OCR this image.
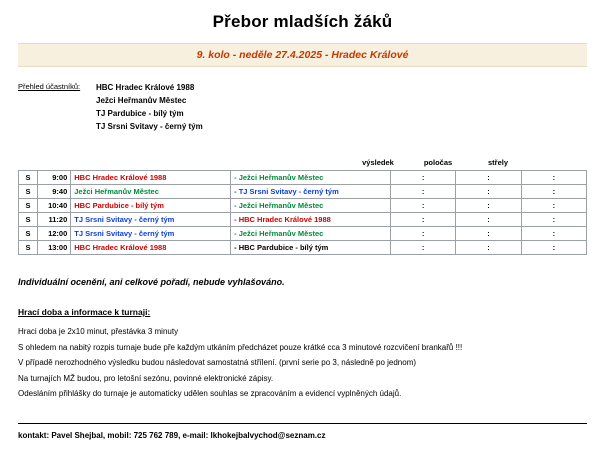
Přebor mladších žáků
9. kolo - neděle 27.4.2025 - Hradec Králové
Přehled účastníků:	HBC Hradec Králové 1988
Ježci Heřmanův Městec
TJ Pardubice - bílý tým
TJ Srsni Svitavy - černý tým
výsledek	poločas	střely
S	9:00	HBC Hradec Králové 1988	- Ježci Heřmanův Městec	:	:	:
S	9:40	Ježci Heřmanův Městec	- TJ Srsni Svitavy - černý tým	:	:	:
S	10:40	HBC Pardubice - bílý tým	- Ježci Heřmanův Městec	:	:	:
S	11:20	TJ Srsni Svitavy - černý tým	- HBC Hradec Králové 1988	:	:	:
S	12:00	TJ Srsni Svitavy - černý tým	- Ježci Heřmanův Městec	:	:	:
S	13:00	HBC Hradec Králové 1988	- HBC Pardubice - bílý tým	:	:	:
Individuální ocenění, ani celkové pořadí, nebude vyhlašováno.
Hrací doba a informace k turnaji:
Hraci doba je 2x10 minut, přestávka 3 minuty
S ohledem na nabitý rozpis turnaje bude pře každým utkáním předcházet pouze krátké cca 3 minutové rozcvičení brankařů !!!
V případě nerozhodného výsledku budou následovat samostatná střílení. (první serie po 3, následně po jednom)
Na turnajích MŽ budou, pro letošní sezónu, povinné elektronické zápisy.
Odesláním přihlášky do turnaje je automaticky udělen souhlas se zpracováním a evidencí vyplněných údajů.
kontakt: Pavel Shejbal, mobil: 725 762 789, e-mail: lkhokejbalvychod@seznam.cz
